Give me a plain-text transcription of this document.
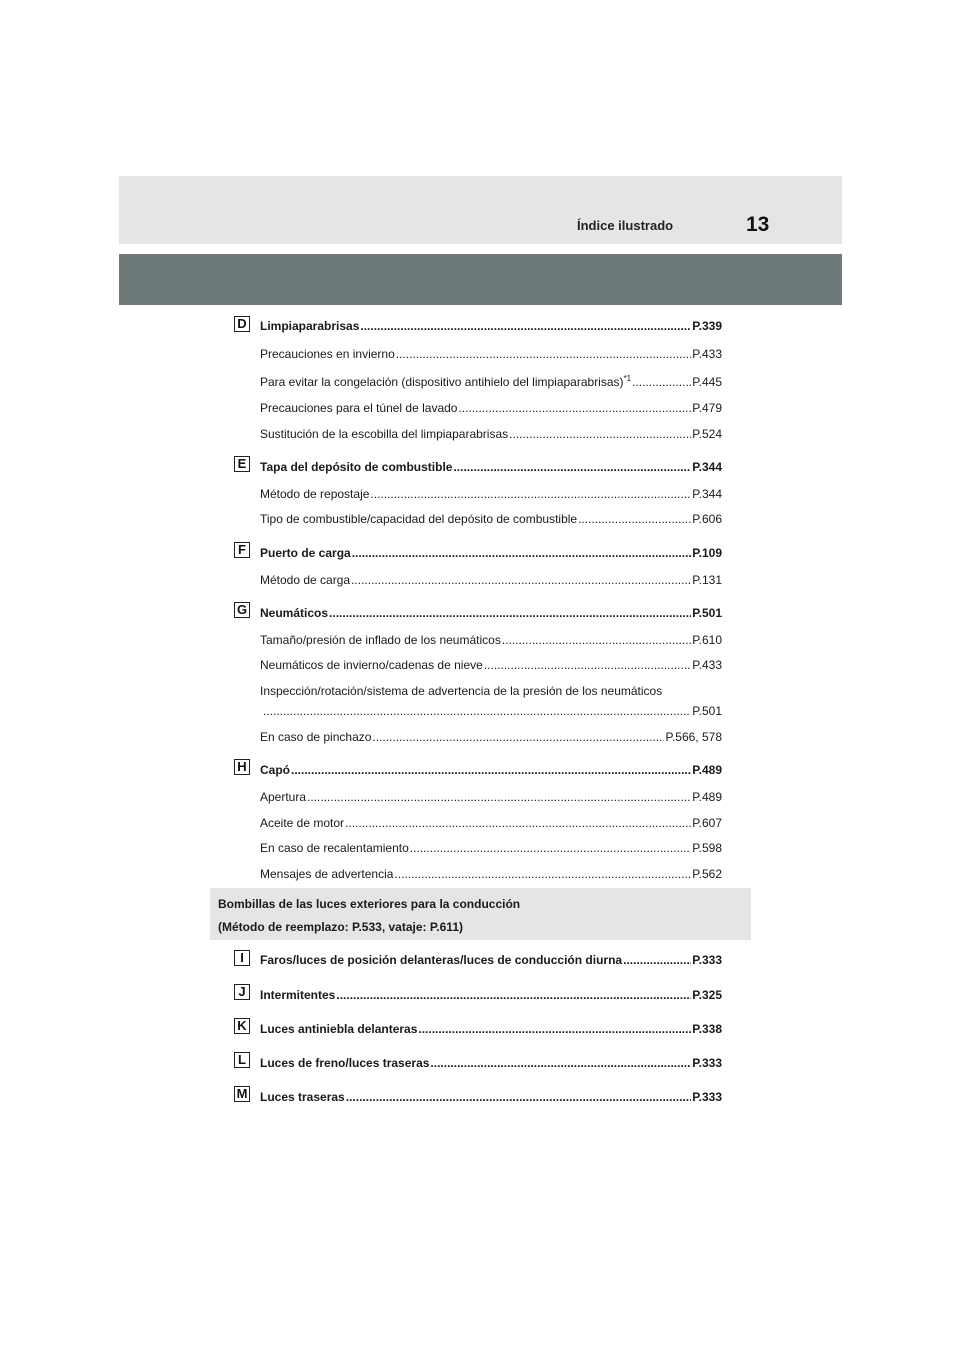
Índice ilustrado	13
D Limpiaparabrisas .....	P.339
Precauciones en invierno .....	P.433
Para evitar la congelación (dispositivo antihielo del limpiaparabrisas)$^{*1}$ .....	P.445
Precauciones para el túnel de lavado .....	P.479
Sustitución de la escobilla del limpiaparabrisas .....	P.524
E	Tapa del depósito de combustible .....	P.344
Método de repostaje .....	P.344
Tipo de combustible/capacidad del depósito de combustible .....	P.606
F	Puerto de carga .....	P.109
Método de carga .....	P.131
G Neumáticos .....	P.501
Tamaño/presión de inflado de los neumáticos .....	P.610
Neumáticos de invierno/cadenas de nieve .....	P.433
Inspección/rotación/sistema de advertencia de la presión de los neumáticos
.....
P.501
En caso de pinchazo .....	P.566, 578
H Capó .....	P.489
Apertura .....	P.489
Aceite de motor .....	P.607
En caso de recalentamiento .....	P.598
Mensajes de advertencia .....	P.562
Bombillas de las luces exteriores para la conducción
(Método de reemplazo: P.533, vataje: P.611)
I	Faros/luces de posición delanteras/luces de conducción diurna .....	P.333
J	Intermitentes .....	P.325
K Luces antiniebla delanteras .....	P.338
L	Luces de freno/luces traseras .....	P.333
M Luces traseras .....	P.333
